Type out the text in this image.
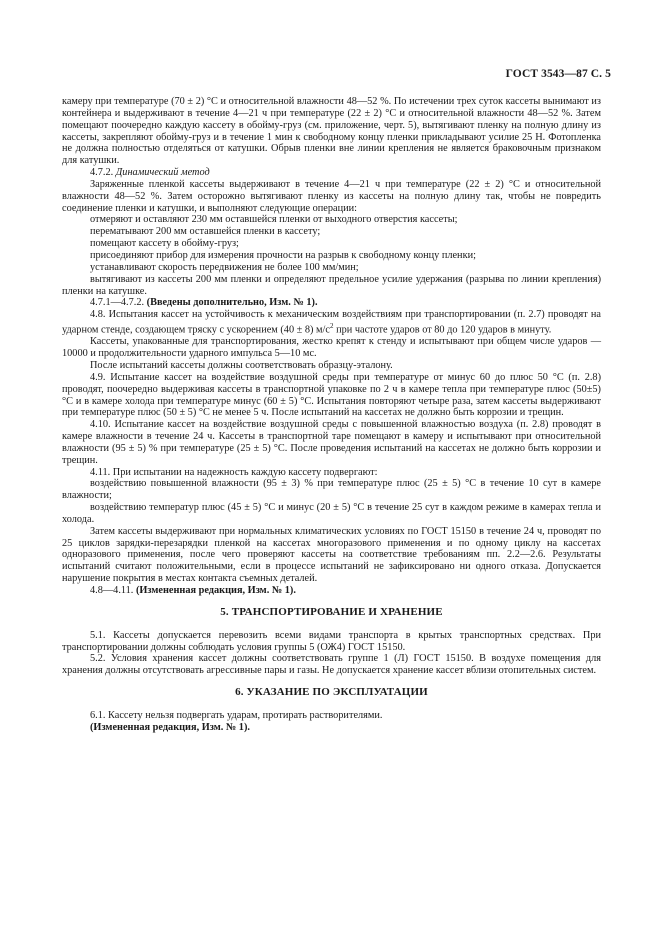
ГОСТ 3543—87 С. 5

камеру при температуре (70 ± 2) °С и относительной влажности 48—52 %. По истечении трех суток кассеты вынимают из контейнера и выдерживают в течение 4—21 ч при температуре (22 ± 2) °С и относительной влажности 48—52 %. Затем помещают поочередно каждую кассету в обойму-груз (см. приложение, черт. 5), вытягивают пленку на полную длину из кассеты, закрепляют обойму-груз и в течение 1 мин к свободному концу пленки прикладывают усилие 25 Н. Фотопленка не должна полностью отделяться от катушки. Обрыв пленки вне линии крепления не является браковочным признаком для катушки.

4.7.2. Динамический метод

Заряженные пленкой кассеты выдерживают в течение 4—21 ч при температуре (22 ± 2) °С и относительной влажности 48—52 %. Затем осторожно вытягивают пленку из кассеты на полную длину так, чтобы не повредить соединение пленки и катушки, и выполняют следующие операции:

отмеряют и оставляют 230 мм оставшейся пленки от выходного отверстия кассеты;

перематывают 200 мм оставшейся пленки в кассету;

помещают кассету в обойму-груз;

присоединяют прибор для измерения прочности на разрыв к свободному концу пленки;

устанавливают скорость передвижения не более 100 мм/мин;

вытягивают из кассеты 200 мм пленки и определяют предельное усилие удержания (разрыва по линии крепления) пленки на катушке.

4.7.1—4.7.2. (Введены дополнительно, Изм. № 1).

4.8. Испытания кассет на устойчивость к механическим воздействиям при транспортировании (п. 2.7) проводят на ударном стенде, создающем тряску с ускорением (40 ± 8) $м/с^2$ при частоте ударов от 80 до 120 ударов в минуту.

Кассеты, упакованные для транспортирования, жестко крепят к стенду и испытывают при общем числе ударов — 10000 и продолжительности ударного импульса 5—10 мс.

После испытаний кассеты должны соответствовать образцу-эталону.

4.9. Испытание кассет на воздействие воздушной среды при температуре от минус 60 до плюс 50 °С (п. 2.8) проводят, поочередно выдерживая кассеты в транспортной упаковке по 2 ч в камере тепла при температуре плюс (50±5) °С и в камере холода при температуре минус (60 ± 5) °С. Испытания повторяют четыре раза, затем кассеты выдерживают при температуре плюс (50 ± 5) °С не менее 5 ч. После испытаний на кассетах не должно быть коррозии и трещин.

4.10. Испытание кассет на воздействие воздушной среды с повышенной влажностью воздуха (п. 2.8) проводят в камере влажности в течение 24 ч. Кассеты в транспортной таре помещают в камеру и испытывают при относительной влажности (95 ± 5) % при температуре (25 ± 5) °С. После проведения испытаний на кассетах не должно быть коррозии и трещин.

4.11. При испытании на надежность каждую кассету подвергают:

воздействию повышенной влажности (95 ± 3) % при температуре плюс (25 ± 5) °С в течение 10 сут в камере влажности;

воздействию температур плюс (45 ± 5) °С и минус (20 ± 5) °С в течение 25 сут в каждом режиме в камерах тепла и холода.

Затем кассеты выдерживают при нормальных климатических условиях по ГОСТ 15150 в течение 24 ч, проводят по 25 циклов зарядки-перезарядки пленкой на кассетах многоразового применения и по одному циклу на кассетах одноразового применения, после чего проверяют кассеты на соответствие требованиям пп. 2.2—2.6. Результаты испытаний считают положительными, если в процессе испытаний не зафиксировано ни одного отказа. Допускается нарушение покрытия в местах контакта съемных деталей.

4.8—4.11. (Измененная редакция, Изм. № 1).

5. ТРАНСПОРТИРОВАНИЕ И ХРАНЕНИЕ

5.1. Кассеты допускается перевозить всеми видами транспорта в крытых транспортных средствах. При транспортировании должны соблюдать условия группы 5 (ОЖ4) ГОСТ 15150.

5.2. Условия хранения кассет должны соответствовать группе 1 (Л) ГОСТ 15150. В воздухе помещения для хранения должны отсутствовать агрессивные пары и газы. Не допускается хранение кассет вблизи отопительных систем.

6. УКАЗАНИЕ ПО ЭКСПЛУАТАЦИИ

6.1. Кассету нельзя подвергать ударам, протирать растворителями.

(Измененная редакция, Изм. № 1).
